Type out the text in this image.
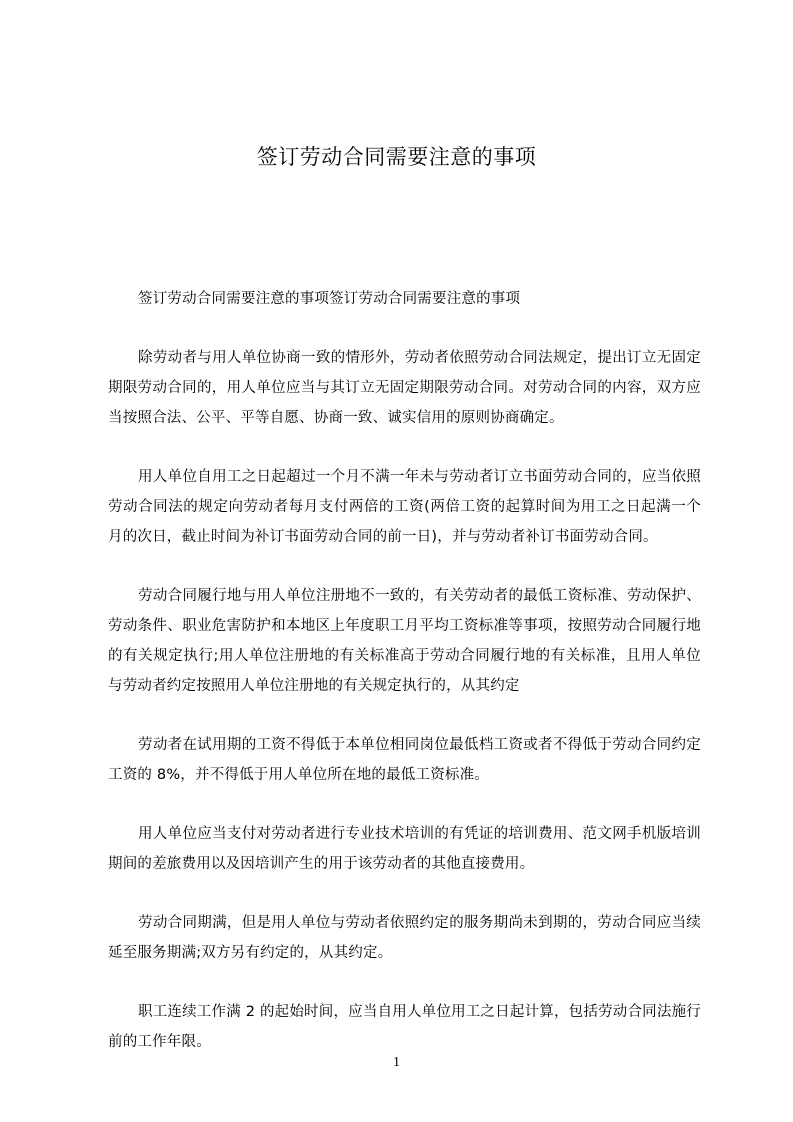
签订劳动合同需要注意的事项

签订劳动合同需要注意的事项签订劳动合同需要注意的事项

除劳动者与用人单位协商一致的情形外，劳动者依照劳动合同法规定，提出订立无固定期限劳动合同的，用人单位应当与其订立无固定期限劳动合同。对劳动合同的内容，双方应当按照合法、公平、平等自愿、协商一致、诚实信用的原则协商确定。

用人单位自用工之日起超过一个月不满一年未与劳动者订立书面劳动合同的，应当依照劳动合同法的规定向劳动者每月支付两倍的工资(两倍工资的起算时间为用工之日起满一个月的次日，截止时间为补订书面劳动合同的前一日)，并与劳动者补订书面劳动合同。

劳动合同履行地与用人单位注册地不一致的，有关劳动者的最低工资标准、劳动保护、劳动条件、职业危害防护和本地区上年度职工月平均工资标准等事项，按照劳动合同履行地的有关规定执行;用人单位注册地的有关标准高于劳动合同履行地的有关标准，且用人单位与劳动者约定按照用人单位注册地的有关规定执行的，从其约定

劳动者在试用期的工资不得低于本单位相同岗位最低档工资或者不得低于劳动合同约定工资的 8%，并不得低于用人单位所在地的最低工资标准。

用人单位应当支付对劳动者进行专业技术培训的有凭证的培训费用、范文网手机版培训期间的差旅费用以及因培训产生的用于该劳动者的其他直接费用。

劳动合同期满，但是用人单位与劳动者依照约定的服务期尚未到期的，劳动合同应当续延至服务期满;双方另有约定的，从其约定。

职工连续工作满 2 的起始时间，应当自用人单位用工之日起计算，包括劳动合同法施行前的工作年限。

1
